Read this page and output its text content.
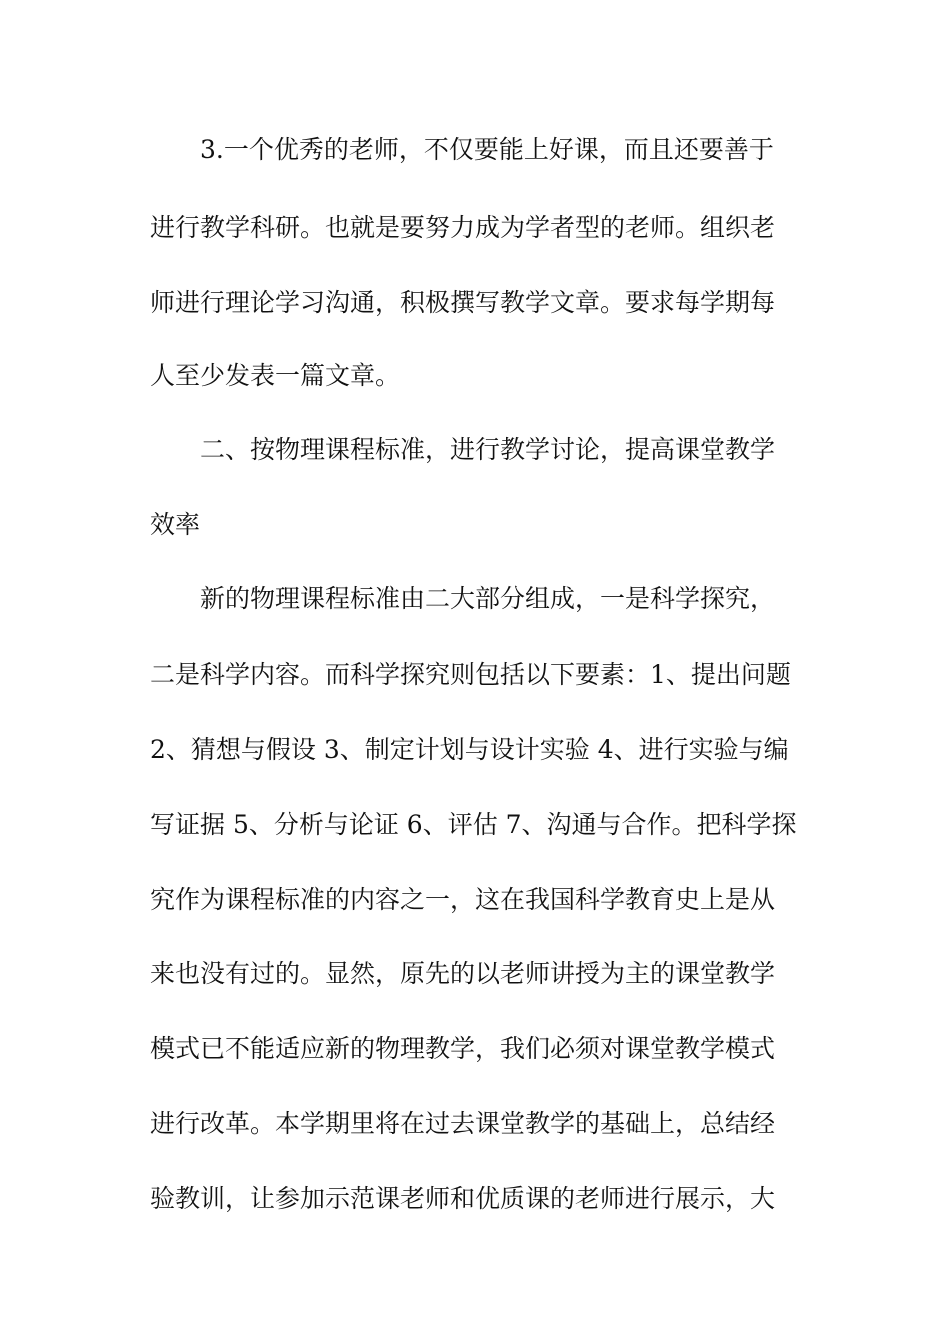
3.一个优秀的老师，不仅要能上好课，而且还要善于
进行教学科研。也就是要努力成为学者型的老师。组织老
师进行理论学习沟通，积极撰写教学文章。要求每学期每
人至少发表一篇文章。
二、按物理课程标准，进行教学讨论，提高课堂教学
效率
新的物理课程标准由二大部分组成，一是科学探究，
二是科学内容。而科学探究则包括以下要素：1、提出问题
2、猜想与假设 3、制定计划与设计实验 4、进行实验与编
写证据 5、分析与论证 6、评估 7、沟通与合作。把科学探
究作为课程标准的内容之一，这在我国科学教育史上是从
来也没有过的。显然，原先的以老师讲授为主的课堂教学
模式已不能适应新的物理教学，我们必须对课堂教学模式
进行改革。本学期里将在过去课堂教学的基础上，总结经
验教训，让参加示范课老师和优质课的老师进行展示，大
